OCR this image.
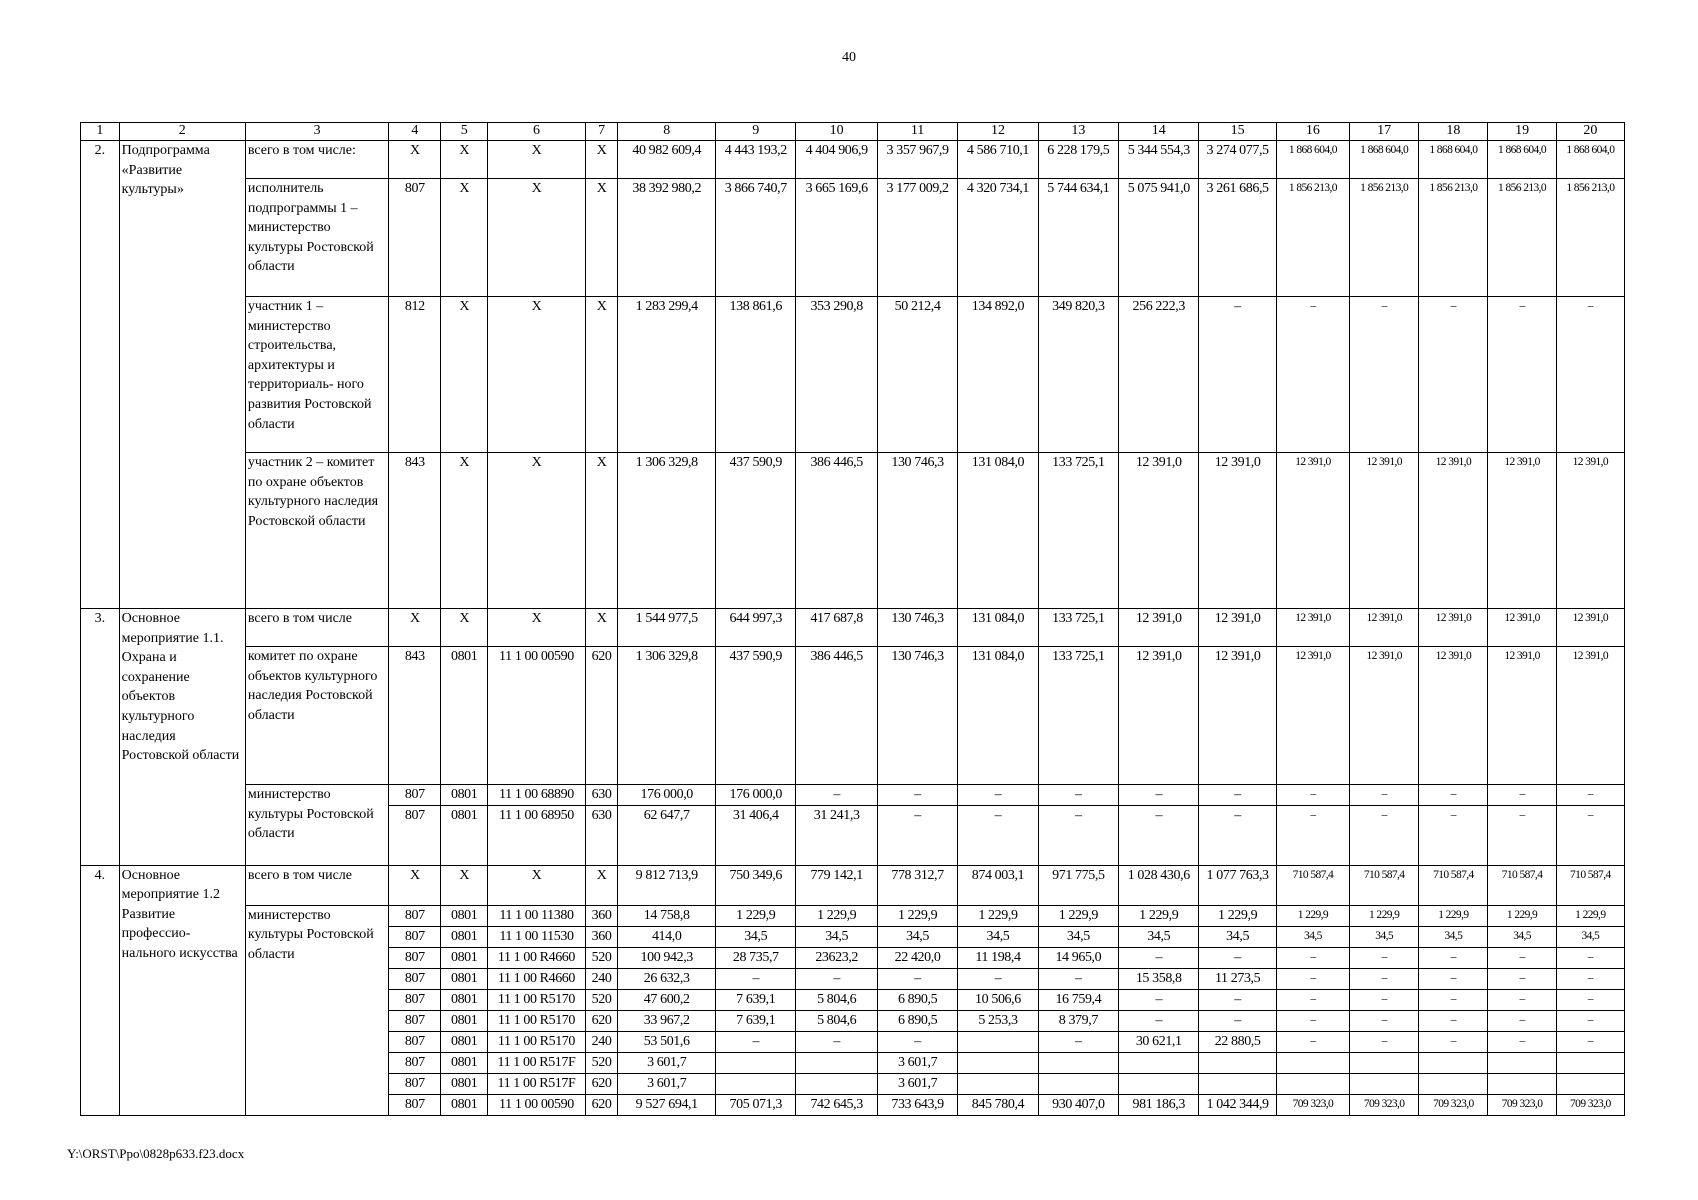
40
1	2	3	4	5	6	7	8	9	10	11	12	13	14	15	16	17	18	19	20
2.	Подпрограмма «Развитие культуры»	всего в том числе:	X	X	X	X	40 982 609,4	4 443 193,2	4 404 906,9	3 357 967,9	4 586 710,1	6 228 179,5	5 344 554,3	3 274 077,5	1 868 604,0	1 868 604,0	1 868 604,0	1 868 604,0	1 868 604,0
		исполнитель подпрограммы 1 – министерство культуры Ростовской области	807	X	X	X	38 392 980,2	3 866 740,7	3 665 169,6	3 177 009,2	4 320 734,1	5 744 634,1	5 075 941,0	3 261 686,5	1 856 213,0	1 856 213,0	1 856 213,0	1 856 213,0	1 856 213,0
		участник 1 – министерство строительства, архитектуры и территориаль- ного развития Ростовской области	812	X	X	X	1 283 299,4	138 861,6	353 290,8	50 212,4	134 892,0	349 820,3	256 222,3	–	–	–	–	–	–
		участник 2 – комитет по охране объектов культурного наследия Ростовской области	843	X	X	X	1 306 329,8	437 590,9	386 446,5	130 746,3	131 084,0	133 725,1	12 391,0	12 391,0	12 391,0	12 391,0	12 391,0	12 391,0	12 391,0
3.	Основное мероприятие 1.1. Охрана и сохранение объектов культурного наследия Ростовской области	всего в том числе	X	X	X	X	1 544 977,5	644 997,3	417 687,8	130 746,3	131 084,0	133 725,1	12 391,0	12 391,0	12 391,0	12 391,0	12 391,0	12 391,0	12 391,0
		комитет по охране объектов культурного наследия Ростовской области	843	0801	11 1 00 00590	620	1 306 329,8	437 590,9	386 446,5	130 746,3	131 084,0	133 725,1	12 391,0	12 391,0	12 391,0	12 391,0	12 391,0	12 391,0	12 391,0
		министерство культуры Ростовской области	807	0801	11 1 00 68890	630	176 000,0	176 000,0	–	–	–	–	–	–	–	–	–	–	–
			807	0801	11 1 00 68950	630	62 647,7	31 406,4	31 241,3	–	–	–	–	–	–	–	–	–	–
4.	Основное мероприятие 1.2 Развитие профессио- нального искусства	всего в том числе	X	X	X	X	9 812 713,9	750 349,6	779 142,1	778 312,7	874 003,1	971 775,5	1 028 430,6	1 077 763,3	710 587,4	710 587,4	710 587,4	710 587,4	710 587,4
		министерство культуры Ростовской области	807	0801	11 1 00 11380	360	14 758,8	1 229,9	1 229,9	1 229,9	1 229,9	1 229,9	1 229,9	1 229,9	1 229,9	1 229,9	1 229,9	1 229,9	1 229,9
			807	0801	11 1 00 11530	360	414,0	34,5	34,5	34,5	34,5	34,5	34,5	34,5	34,5	34,5	34,5	34,5	34,5
			807	0801	11 1 00 R4660	520	100 942,3	28 735,7	23623,2	22 420,0	11 198,4	14 965,0	–	–	–	–	–	–	–
			807	0801	11 1 00 R4660	240	26 632,3	–	–	–	–	–	15 358,8	11 273,5	–	–	–	–	–
			807	0801	11 1 00 R5170	520	47 600,2	7 639,1	5 804,6	6 890,5	10 506,6	16 759,4	–	–	–	–	–	–	–
			807	0801	11 1 00 R5170	620	33 967,2	7 639,1	5 804,6	6 890,5	5 253,3	8 379,7	–	–	–	–	–	–	–
			807	0801	11 1 00 R5170	240	53 501,6	–	–	–		–	30 621,1	22 880,5	–	–	–	–	–
			807	0801	11 1 00 R517F	520	3 601,7			3 601,7									
			807	0801	11 1 00 R517F	620	3 601,7			3 601,7									
			807	0801	11 1 00 00590	620	9 527 694,1	705 071,3	742 645,3	733 643,9	845 780,4	930 407,0	981 186,3	1 042 344,9	709 323,0	709 323,0	709 323,0	709 323,0	709 323,0
Y:\ORST\Ppo\0828p633.f23.docx
